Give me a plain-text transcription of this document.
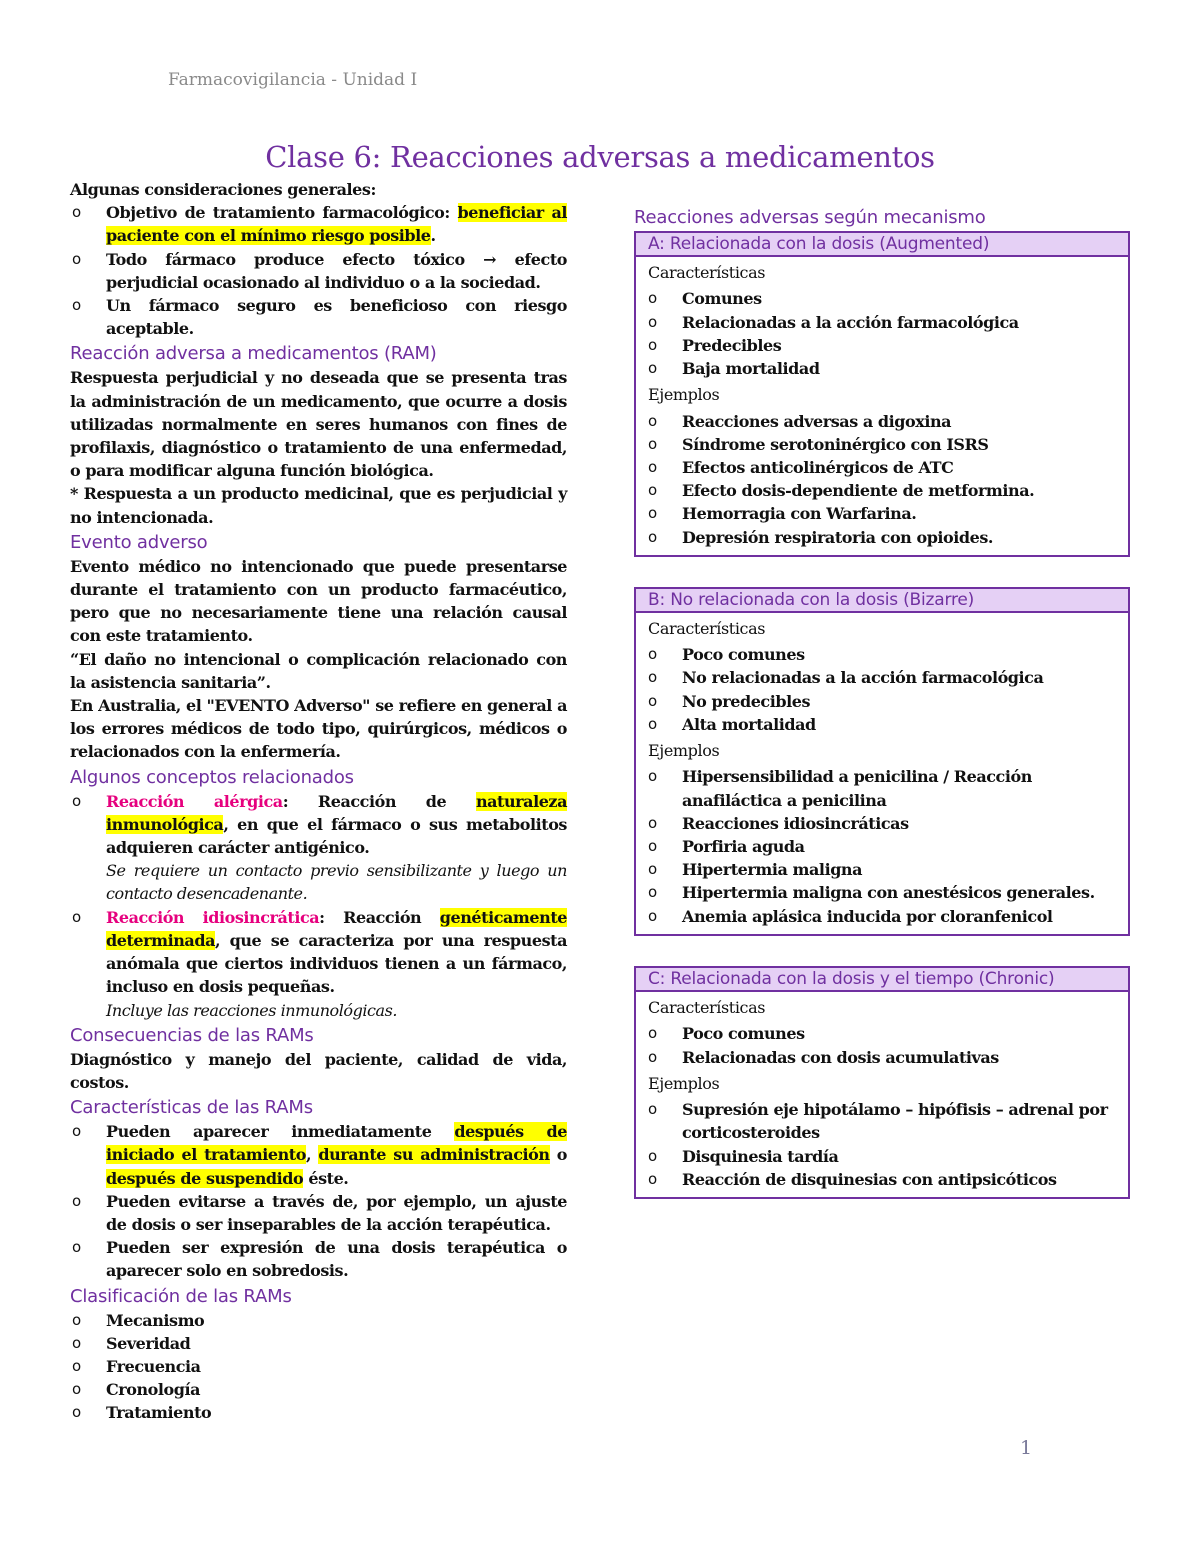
Farmacovigilancia - Unidad I
Clase 6: Reacciones adversas a medicamentos
Algunas consideraciones generales:
o Objetivo de tratamiento farmacológico: beneficiar al paciente con el mínimo riesgo posible.
o Todo fármaco produce efecto tóxico → efecto perjudicial ocasionado al individuo o a la sociedad.
o Un fármaco seguro es beneficioso con riesgo aceptable.
Reacción adversa a medicamentos (RAM)
Respuesta perjudicial y no deseada que se presenta tras la administración de un medicamento, que ocurre a dosis utilizadas normalmente en seres humanos con fines de profilaxis, diagnóstico o tratamiento de una enfermedad, o para modificar alguna función biológica.
* Respuesta a un producto medicinal, que es perjudicial y no intencionada.
Evento adverso
Evento médico no intencionado que puede presentarse durante el tratamiento con un producto farmacéutico, pero que no necesariamente tiene una relación causal con este tratamiento.
“El daño no intencional o complicación relacionado con la asistencia sanitaria”.
En Australia, el "EVENTO Adverso" se refiere en general a los errores médicos de todo tipo, quirúrgicos, médicos o relacionados con la enfermería.
Algunos conceptos relacionados
o Reacción alérgica: Reacción de naturaleza inmunológica, en que el fármaco o sus metabolitos adquieren carácter antigénico.
Se requiere un contacto previo sensibilizante y luego un contacto desencadenante.
o Reacción idiosincrática: Reacción genéticamente determinada, que se caracteriza por una respuesta anómala que ciertos individuos tienen a un fármaco, incluso en dosis pequeñas.
Incluye las reacciones inmunológicas.
Consecuencias de las RAMs
Diagnóstico y manejo del paciente, calidad de vida, costos.
Características de las RAMs
o Pueden aparecer inmediatamente después de iniciado el tratamiento, durante su administración o después de suspendido éste.
o Pueden evitarse a través de, por ejemplo, un ajuste de dosis o ser inseparables de la acción terapéutica.
o Pueden ser expresión de una dosis terapéutica o aparecer solo en sobredosis.
Clasificación de las RAMs
o Mecanismo
o Severidad
o Frecuencia
o Cronología
o Tratamiento
Reacciones adversas según mecanismo
A: Relacionada con la dosis (Augmented)
Características
o Comunes
o Relacionadas a la acción farmacológica
o Predecibles
o Baja mortalidad
Ejemplos
o Reacciones adversas a digoxina
o Síndrome serotoninérgico con ISRS
o Efectos anticolinérgicos de ATC
o Efecto dosis-dependiente de metformina.
o Hemorragia con Warfarina.
o Depresión respiratoria con opioides.
B: No relacionada con la dosis (Bizarre)
Características
o Poco comunes
o No relacionadas a la acción farmacológica
o No predecibles
o Alta mortalidad
Ejemplos
o Hipersensibilidad a penicilina / Reacción anafiláctica a penicilina
o Reacciones idiosincráticas
o Porfiria aguda
o Hipertermia maligna
o Hipertermia maligna con anestésicos generales.
o Anemia aplásica inducida por cloranfenicol
C: Relacionada con la dosis y el tiempo (Chronic)
Características
o Poco comunes
o Relacionadas con dosis acumulativas
Ejemplos
o Supresión eje hipotálamo – hipófisis – adrenal por corticosteroides
o Disquinesia tardía
o Reacción de disquinesias con antipsicóticos
1
